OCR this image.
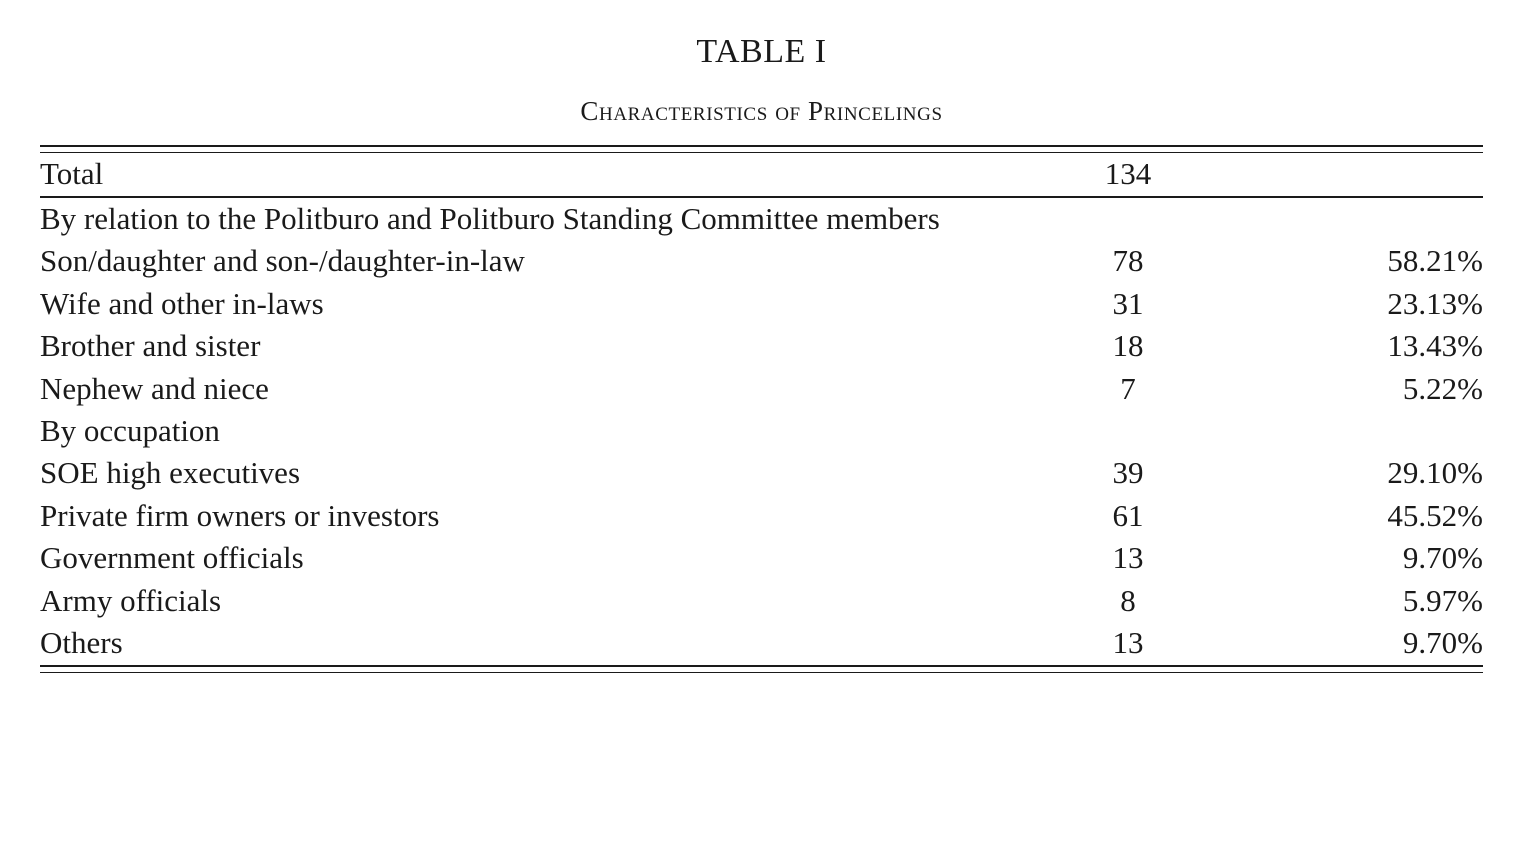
TABLE I
Characteristics of Princelings
Total	134	
By relation to the Politburo and Politburo Standing Committee members		
Son/daughter and son-/daughter-in-law	78	58.21%
Wife and other in-laws	31	23.13%
Brother and sister	18	13.43%
Nephew and niece	7	5.22%
By occupation		
SOE high executives	39	29.10%
Private firm owners or investors	61	45.52%
Government officials	13	9.70%
Army officials	8	5.97%
Others	13	9.70%
